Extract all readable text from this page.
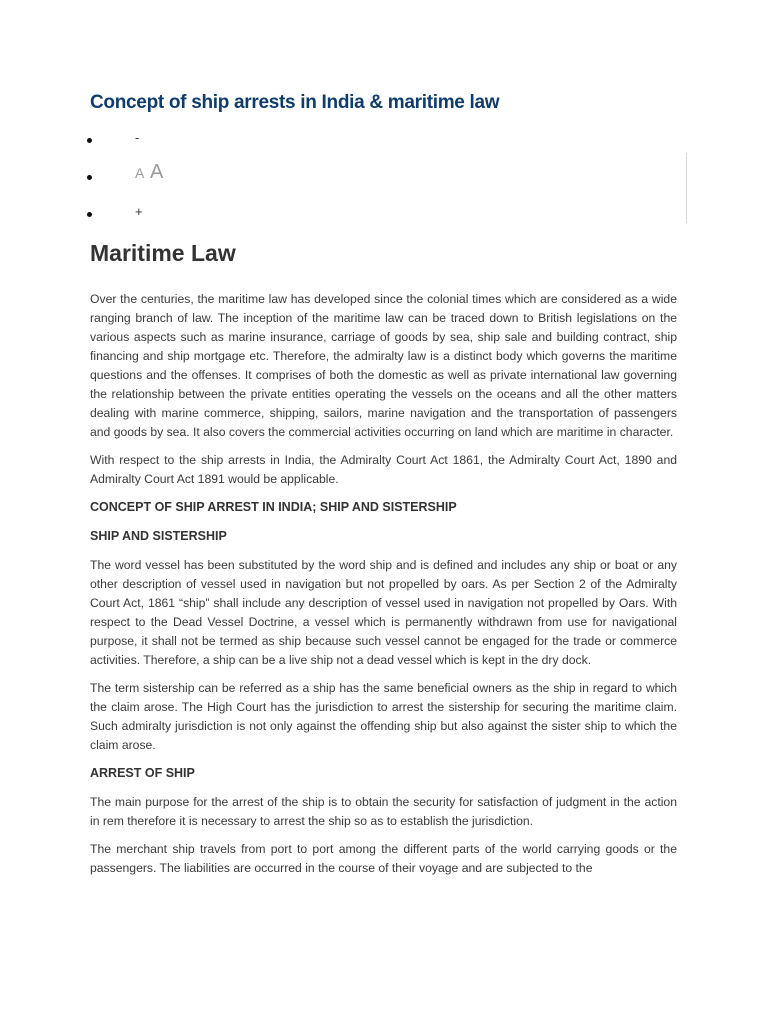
Concept of ship arrests in India & maritime law
-
A A
+
Maritime Law

Over the centuries, the maritime law has developed since the colonial times which are considered as a wide ranging branch of law. The inception of the maritime law can be traced down to British legislations on the various aspects such as marine insurance, carriage of goods by sea, ship sale and building contract, ship financing and ship mortgage etc. Therefore, the admiralty law is a distinct body which governs the maritime questions and the offenses. It comprises of both the domestic as well as private international law governing the relationship between the private entities operating the vessels on the oceans and all the other matters dealing with marine commerce, shipping, sailors, marine navigation and the transportation of passengers and goods by sea. It also covers the commercial activities occurring on land which are maritime in character.

With respect to the ship arrests in India, the Admiralty Court Act 1861, the Admiralty Court Act, 1890 and Admiralty Court Act 1891 would be applicable.

CONCEPT OF SHIP ARREST IN INDIA; SHIP AND SISTERSHIP
SHIP AND SISTERSHIP

The word vessel has been substituted by the word ship and is defined and includes any ship or boat or any other description of vessel used in navigation but not propelled by oars. As per Section 2 of the Admiralty Court Act, 1861 “ship” shall include any description of vessel used in navigation not propelled by Oars. With respect to the Dead Vessel Doctrine, a vessel which is permanently withdrawn from use for navigational purpose, it shall not be termed as ship because such vessel cannot be engaged for the trade or commerce activities. Therefore, a ship can be a live ship not a dead vessel which is kept in the dry dock.

The term sistership can be referred as a ship has the same beneficial owners as the ship in regard to which the claim arose. The High Court has the jurisdiction to arrest the sistership for securing the maritime claim. Such admiralty jurisdiction is not only against the offending ship but also against the sister ship to which the claim arose.

ARREST OF SHIP

The main purpose for the arrest of the ship is to obtain the security for satisfaction of judgment in the action in rem therefore it is necessary to arrest the ship so as to establish the jurisdiction.

The merchant ship travels from port to port among the different parts of the world carrying goods or the passengers. The liabilities are occurred in the course of their voyage and are subjected to the
